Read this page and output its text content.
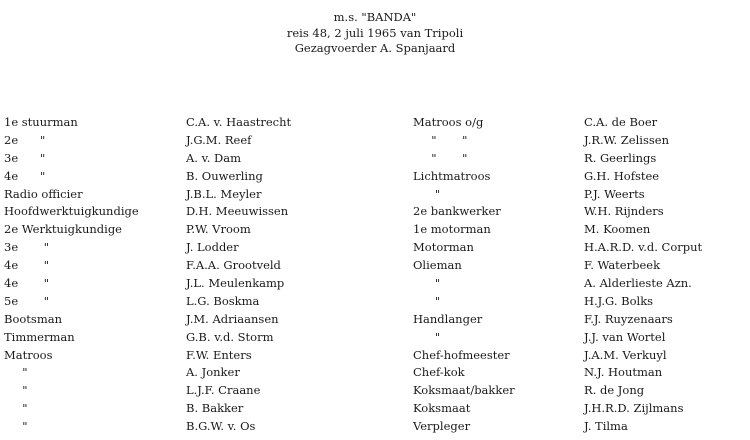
m.s. "BANDA"
reis 48, 2 juli 1965 van Tripoli
Gezagvoerder A. Spanjaard
1e stuurman	C.A. v. Haastrecht	Matroos o/g	C.A. de Boer
2e      "	J.G.M. Reef	"       "	J.R.W. Zelissen
3e      "	A. v. Dam	"       "	R. Geerlings
4e      "	B. Ouwerling	Lichtmatroos	G.H. Hofstee
Radio officier	J.B.L. Meyler	"	P.J. Weerts
Hoofdwerktuigkundige	D.H. Meeuwissen	2e bankwerker	W.H. Rijnders
2e Werktuigkundige	P.W. Vroom	1e motorman	M. Koomen
3e       "	J. Lodder	Motorman	H.A.R.D. v.d. Corput
4e       "	F.A.A. Grootveld	Olieman	F. Waterbeek
4e       "	J.L. Meulenkamp	"	A. Alderlieste Azn.
5e       "	L.G. Boskma	"	H.J.G. Bolks
Bootsman	J.M. Adriaansen	Handlanger	F.J. Ruyzenaars
Timmerman	G.B. v.d. Storm	"	J.J. van Wortel
Matroos	F.W. Enters	Chef-hofmeester	J.A.M. Verkuyl
"	A. Jonker	Chef-kok	N.J. Houtman
"	L.J.F. Craane	Koksmaat/bakker	R. de Jong
"	B. Bakker	Koksmaat	J.H.R.D. Zijlmans
"	B.G.W. v. Os	Verpleger	J. Tilma
